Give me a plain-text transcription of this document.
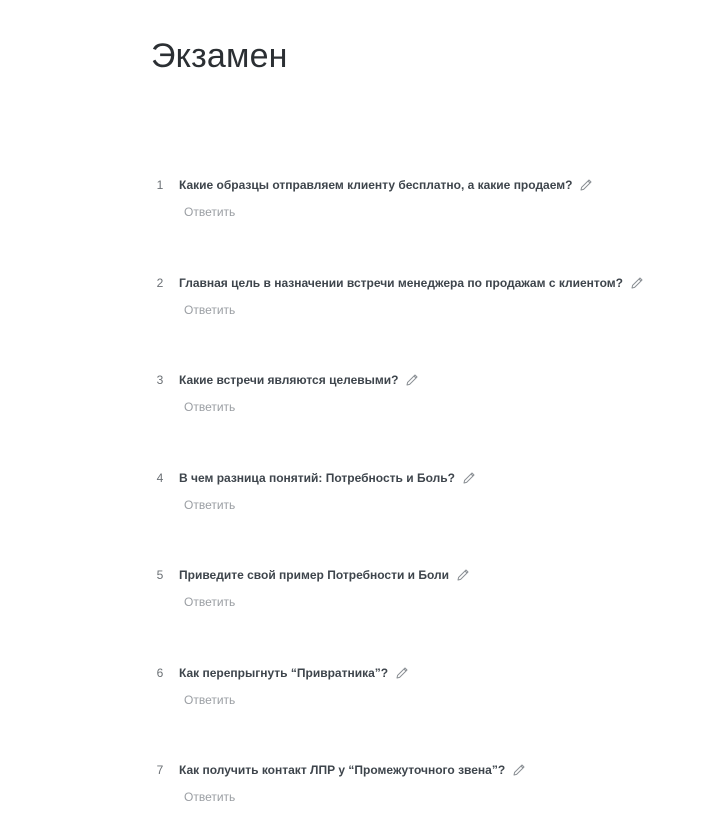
Экзамен
1	Какие образцы отправляем клиенту бесплатно, а какие продаем?
Ответить
2	Главная цель в назначении встречи менеджера по продажам с клиентом?
Ответить
3	Какие встречи являются целевыми?
Ответить
4	В чем разница понятий: Потребность и Боль?
Ответить
5	Приведите свой пример Потребности и Боли
Ответить
6	Как перепрыгнуть “Привратника”?
Ответить
7	Как получить контакт ЛПР у “Промежуточного звена”?
Ответить
